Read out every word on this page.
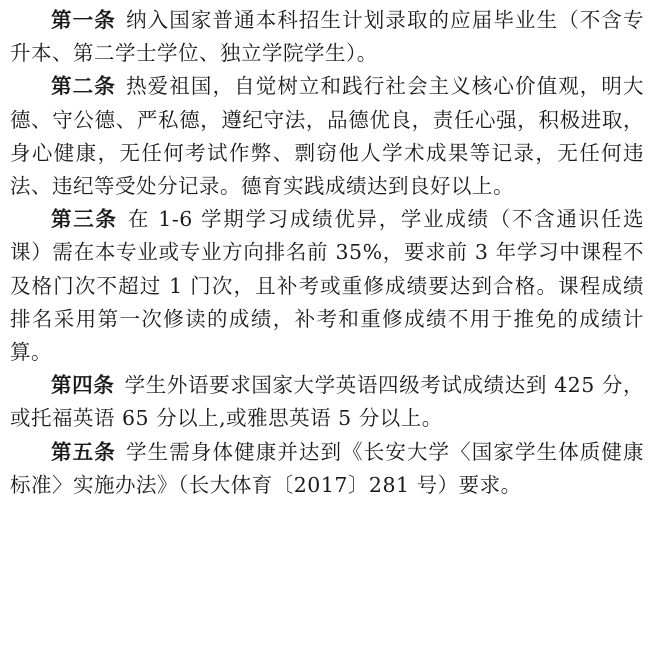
第一条 纳入国家普通本科招生计划录取的应届毕业生（不含专升本、第二学士学位、独立学院学生）。

第二条 热爱祖国，自觉树立和践行社会主义核心价值观，明大德、守公德、严私德，遵纪守法，品德优良，责任心强，积极进取，身心健康，无任何考试作弊、剽窃他人学术成果等记录，无任何违法、违纪等受处分记录。德育实践成绩达到良好以上。

第三条 在 1-6 学期学习成绩优异，学业成绩（不含通识任选课）需在本专业或专业方向排名前 35%，要求前 3 年学习中课程不及格门次不超过 1 门次，且补考或重修成绩要达到合格。课程成绩排名采用第一次修读的成绩，补考和重修成绩不用于推免的成绩计算。

第四条 学生外语要求国家大学英语四级考试成绩达到 425 分，或托福英语 65 分以上,或雅思英语 5 分以上。

第五条 学生需身体健康并达到《长安大学〈国家学生体质健康标准〉实施办法》（长大体育〔2017〕281 号）要求。
